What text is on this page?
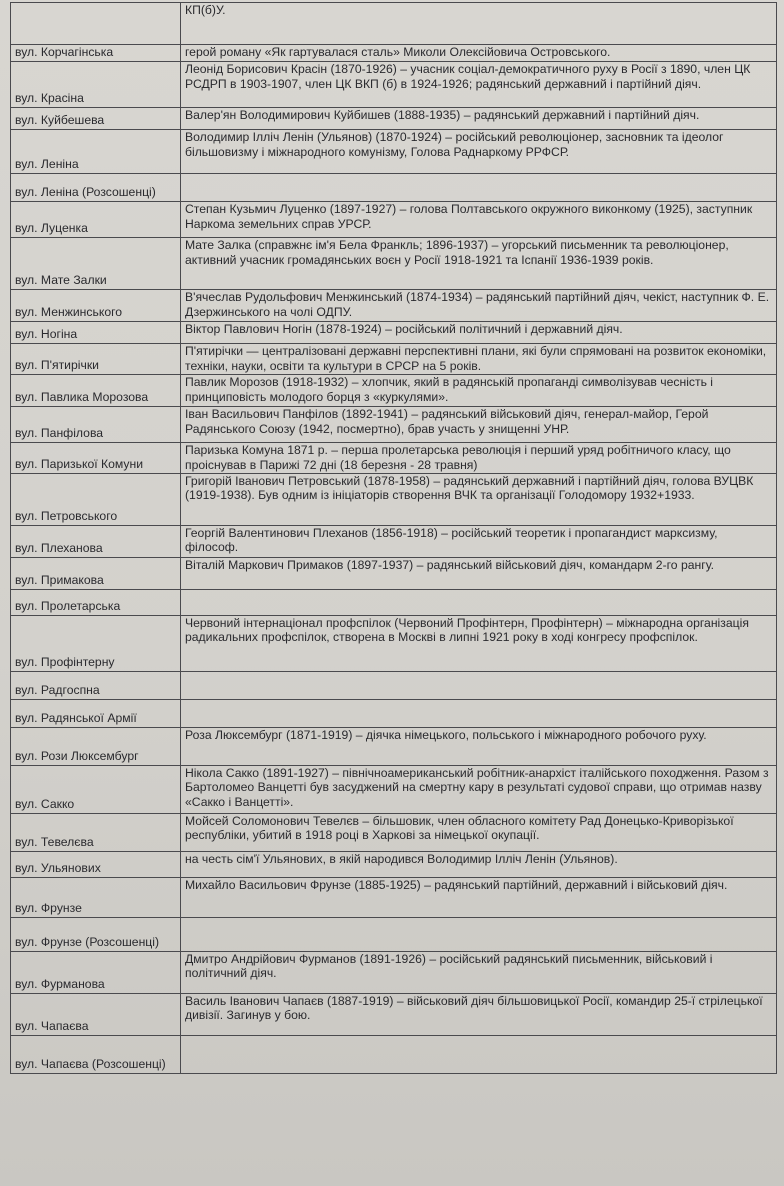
	КП(б)У.
вул. Корчагінська	герой роману «Як гартувалася сталь» Миколи Олексійовича Островського.
вул. Красіна	Леонід Борисович Красін (1870-1926) – учасник соціал-демократичного руху в Росії з 1890, член ЦК РСДРП в 1903-1907, член ЦК ВКП (б) в 1924-1926; радянський державний і партійний діяч.
вул. Куйбешева	Валер'ян Володимирович Куйбишев (1888-1935) – радянський державний і партійний діяч.
вул. Леніна	Володимир Ілліч Ленін (Ульянов) (1870-1924) – російський революціонер, засновник та ідеолог більшовизму і міжнародного комунізму, Голова Раднаркому РРФСР.
вул. Леніна (Розсошенці)	
вул. Луценка	Степан Кузьмич Луценко (1897-1927) – голова Полтавського окружного виконкому (1925), заступник Наркома земельних справ УРСР.
вул. Мате Залки	Мате Залка (справжнє ім'я Бела Франкль; 1896-1937) – угорський письменник та революціонер, активний учасник громадянських воєн у Росії 1918-1921 та Іспанії 1936-1939 років.
вул. Менжинського	В'ячеслав Рудольфович Менжинський (1874-1934) – радянський партійний діяч, чекіст, наступник Ф. Е. Дзержинського на чолі ОДПУ.
вул. Ногіна	Віктор Павлович Ногін (1878-1924) – російський політичний і державний діяч.
вул. П'ятирічки	П'ятирічки — централізовані державні перспективні плани, які були спрямовані на розвиток економіки, техніки, науки, освіти та культури в СРСР на 5 років.
вул. Павлика Морозова	Павлик Морозов (1918-1932) – хлопчик, який в радянській пропаганді символізував чесність і принциповість молодого борця з «куркулями».
вул. Панфілова	Іван Васильович Панфілов (1892-1941) – радянський військовий діяч, генерал-майор, Герой Радянського Союзу (1942, посмертно), брав участь у знищенні УНР.
вул. Паризької Комуни	Паризька Комуна 1871 р. – перша пролетарська революція і перший уряд робітничого класу, що проіснував в Парижі 72 дні (18 березня - 28 травня)
вул. Петровського	Григорій Іванович Петровський (1878-1958) – радянський державний і партійний діяч, голова ВУЦВК (1919-1938). Був одним із ініціаторів створення ВЧК та організації Голодомору 1932+1933.
вул. Плеханова	Георгій Валентинович Плеханов (1856-1918) – російський теоретик і пропагандист марксизму, філософ.
вул. Примакова	Віталій Маркович Примаков (1897-1937) – радянський військовий діяч, командарм 2-го рангу.
вул. Пролетарська	
вул. Профінтерну	Червоний інтернаціонал профспілок (Червоний Профінтерн, Профінтерн) – міжнародна організація радикальних профспілок, створена в Москві в липні 1921 року в ході конгресу профспілок.
вул. Радгоспна	
вул. Радянської Армії	
вул. Рози Люксембург	Роза Люксембург (1871-1919) – діячка німецького, польського і міжнародного робочого руху.
вул. Сакко	Нікола Сакко (1891-1927) – північноамериканський робітник-анархіст італійського походження. Разом з Бартоломео Ванцетті був засуджений на смертну кару в результаті судової справи, що отримав назву «Сакко і Ванцетті».
вул. Тевелєва	Мойсей Соломонович Тевелєв – більшовик, член обласного комітету Рад Донецько-Криворізької республіки, убитий в 1918 році в Харкові за німецької окупації.
вул. Ульянових	на честь сім'ї Ульянових, в якій народився Володимир Ілліч Ленін (Ульянов).
вул. Фрунзе	Михайло Васильович Фрунзе (1885-1925) – радянський партійний, державний і військовий діяч.
вул. Фрунзе (Розсошенці)	
вул. Фурманова	Дмитро Андрійович Фурманов (1891-1926) – російський радянський письменник, військовий і політичний діяч.
вул. Чапаєва	Василь Іванович Чапаєв (1887-1919) – військовий діяч більшовицької Росії, командир 25-ї стрілецької дивізії. Загинув у бою.
вул. Чапаєва (Розсошенці)	
